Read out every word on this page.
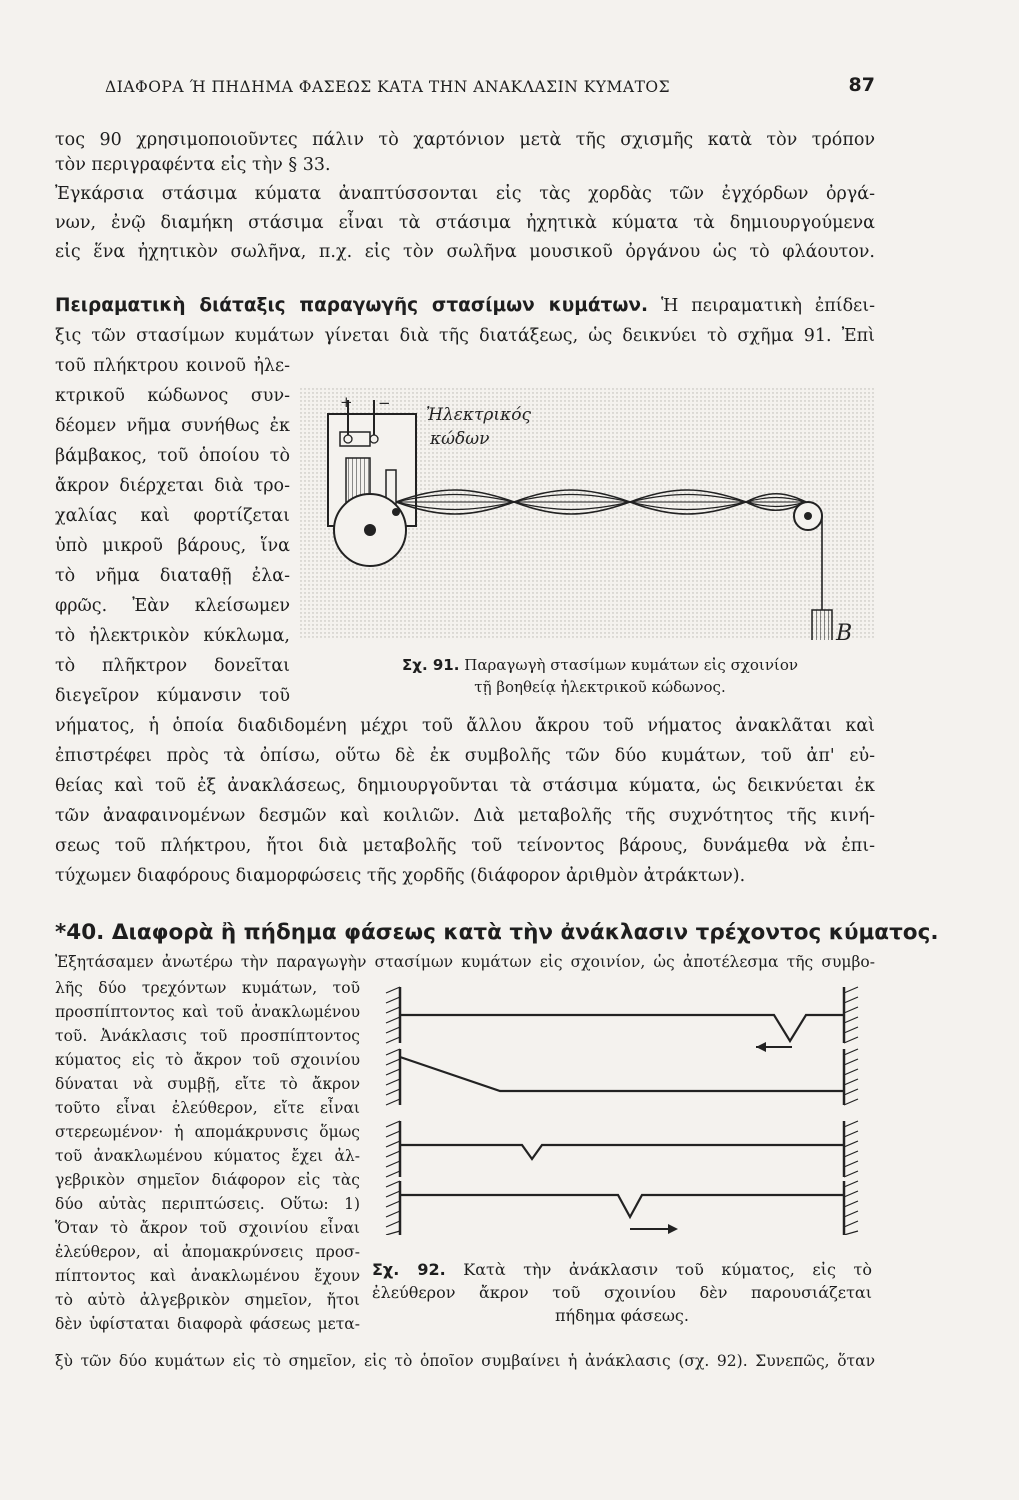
ΔΙΑΦΟΡΑ Ή ΠΗΔΗΜΑ ΦΑΣΕΩΣ ΚΑΤΑ ΤΗΝ ΑΝΑΚΛΑΣΙΝ ΚΥΜΑΤΟΣ	87
τος 90 χρησιμοποιοῦντες πάλιν τὸ χαρτόνιον μετὰ τῆς σχισμῆς κατὰ τὸν τρόπον
τὸν περιγραφέντα εἰς τὴν § 33.
Ἐγκάρσια στάσιμα κύματα ἀναπτύσσονται εἰς τὰς χορδὰς τῶν ἐγχόρδων ὀργά-
νων, ἐνῷ διαμήκη στάσιμα εἶναι τὰ στάσιμα ἠχητικὰ κύματα τὰ δημιουργούμενα
εἰς ἕνα ἠχητικὸν σωλῆνα, π.χ. εἰς τὸν σωλῆνα μουσικοῦ ὀργάνου ὡς τὸ φλάουτον.
Πειραματικὴ διάταξις παραγωγῆς στασίμων κυμάτων. Ἡ πειραματικὴ ἐπίδει-
ξις τῶν στασίμων κυμάτων γίνεται διὰ τῆς διατάξεως, ὡς δεικνύει τὸ σχῆμα 91. Ἐπὶ
τοῦ πλήκτρου κοινοῦ ἠλε-
κτρικοῦ κώδωνος συν-
δέομεν νῆμα συνήθως ἐκ
βάμβακος, τοῦ ὁποίου τὸ
ἄκρον διέρχεται διὰ τρο-
χαλίας καὶ φορτίζεται
ὑπὸ μικροῦ βάρους, ἵνα
τὸ νῆμα διαταθῇ ἐλα-
φρῶς. Ἐὰν κλείσωμεν
τὸ ἠλεκτρικὸν κύκλωμα,
τὸ πλῆκτρον δονεῖται
διεγεῖρον κύμανσιν τοῦ
+ −
B
Ἠλεκτρικός
κώδων
Σχ. 91. Παραγωγὴ στασίμων κυμάτων εἰς σχοινίον
τῇ βοηθείᾳ ἠλεκτρικοῦ κώδωνος.
νήματος, ἡ ὁποία διαδιδομένη μέχρι τοῦ ἄλλου ἄκρου τοῦ νήματος ἀνακλᾶται καὶ
ἐπιστρέφει πρὸς τὰ ὀπίσω, οὕτω δὲ ἐκ συμβολῆς τῶν δύο κυμάτων, τοῦ ἀπ' εὐ-
θείας καὶ τοῦ ἐξ ἀνακλάσεως, δημιουργοῦνται τὰ στάσιμα κύματα, ὡς δεικνύεται ἐκ
τῶν ἀναφαινομένων δεσμῶν καὶ κοιλιῶν. Διὰ μεταβολῆς τῆς συχνότητος τῆς κινή-
σεως τοῦ πλήκτρου, ἤτοι διὰ μεταβολῆς τοῦ τείνοντος βάρους, δυνάμεθα νὰ ἐπι-
τύχωμεν διαφόρους διαμορφώσεις τῆς χορδῆς (διάφορον ἀριθμὸν ἀτράκτων).
*40. Διαφορὰ ἢ πήδημα φάσεως κατὰ τὴν ἀνάκλασιν τρέχοντος κύματος.
Ἐξητάσαμεν ἀνωτέρω τὴν παραγωγὴν στασίμων κυμάτων εἰς σχοινίον, ὡς ἀποτέλεσμα τῆς συμβο-
λῆς δύο τρεχόντων κυμάτων, τοῦ
προσπίπτοντος καὶ τοῦ ἀνακλωμένου
τοῦ. Ἀνάκλασις τοῦ προσπίπτοντος
κύματος εἰς τὸ ἄκρον τοῦ σχοινίου
δύναται νὰ συμβῇ, εἴτε τὸ ἄκρον
τοῦτο εἶναι ἐλεύθερον, εἴτε εἶναι
στερεωμένον· ἡ απομάκρυνσις ὅμως
τοῦ ἀνακλωμένου κύματος ἔχει ἀλ-
γεβρικὸν σημεῖον διάφορον εἰς τὰς
δύο αὐτὰς περιπτώσεις. Οὕτω: 1)
Ὅταν τὸ ἄκρον τοῦ σχοινίου εἶναι
ἐλεύθερον, αἱ ἀπομακρύνσεις προσ-
πίπτοντος καὶ ἀνακλωμένου ἔχουν
τὸ αὐτὸ ἀλγεβρικὸν σημεῖον, ἤτοι
δὲν ὑφίσταται διαφορὰ φάσεως μετα-
Σχ. 92. Κατὰ τὴν ἀνάκλασιν τοῦ κύματος, εἰς τὸ
ἐλεύθερον ἄκρον τοῦ σχοινίου δὲν παρουσιάζεται
πήδημα φάσεως.
ξὺ τῶν δύο κυμάτων εἰς τὸ σημεῖον, εἰς τὸ ὁποῖον συμβαίνει ἡ ἀνάκλασις (σχ. 92). Συνεπῶς, ὅταν
